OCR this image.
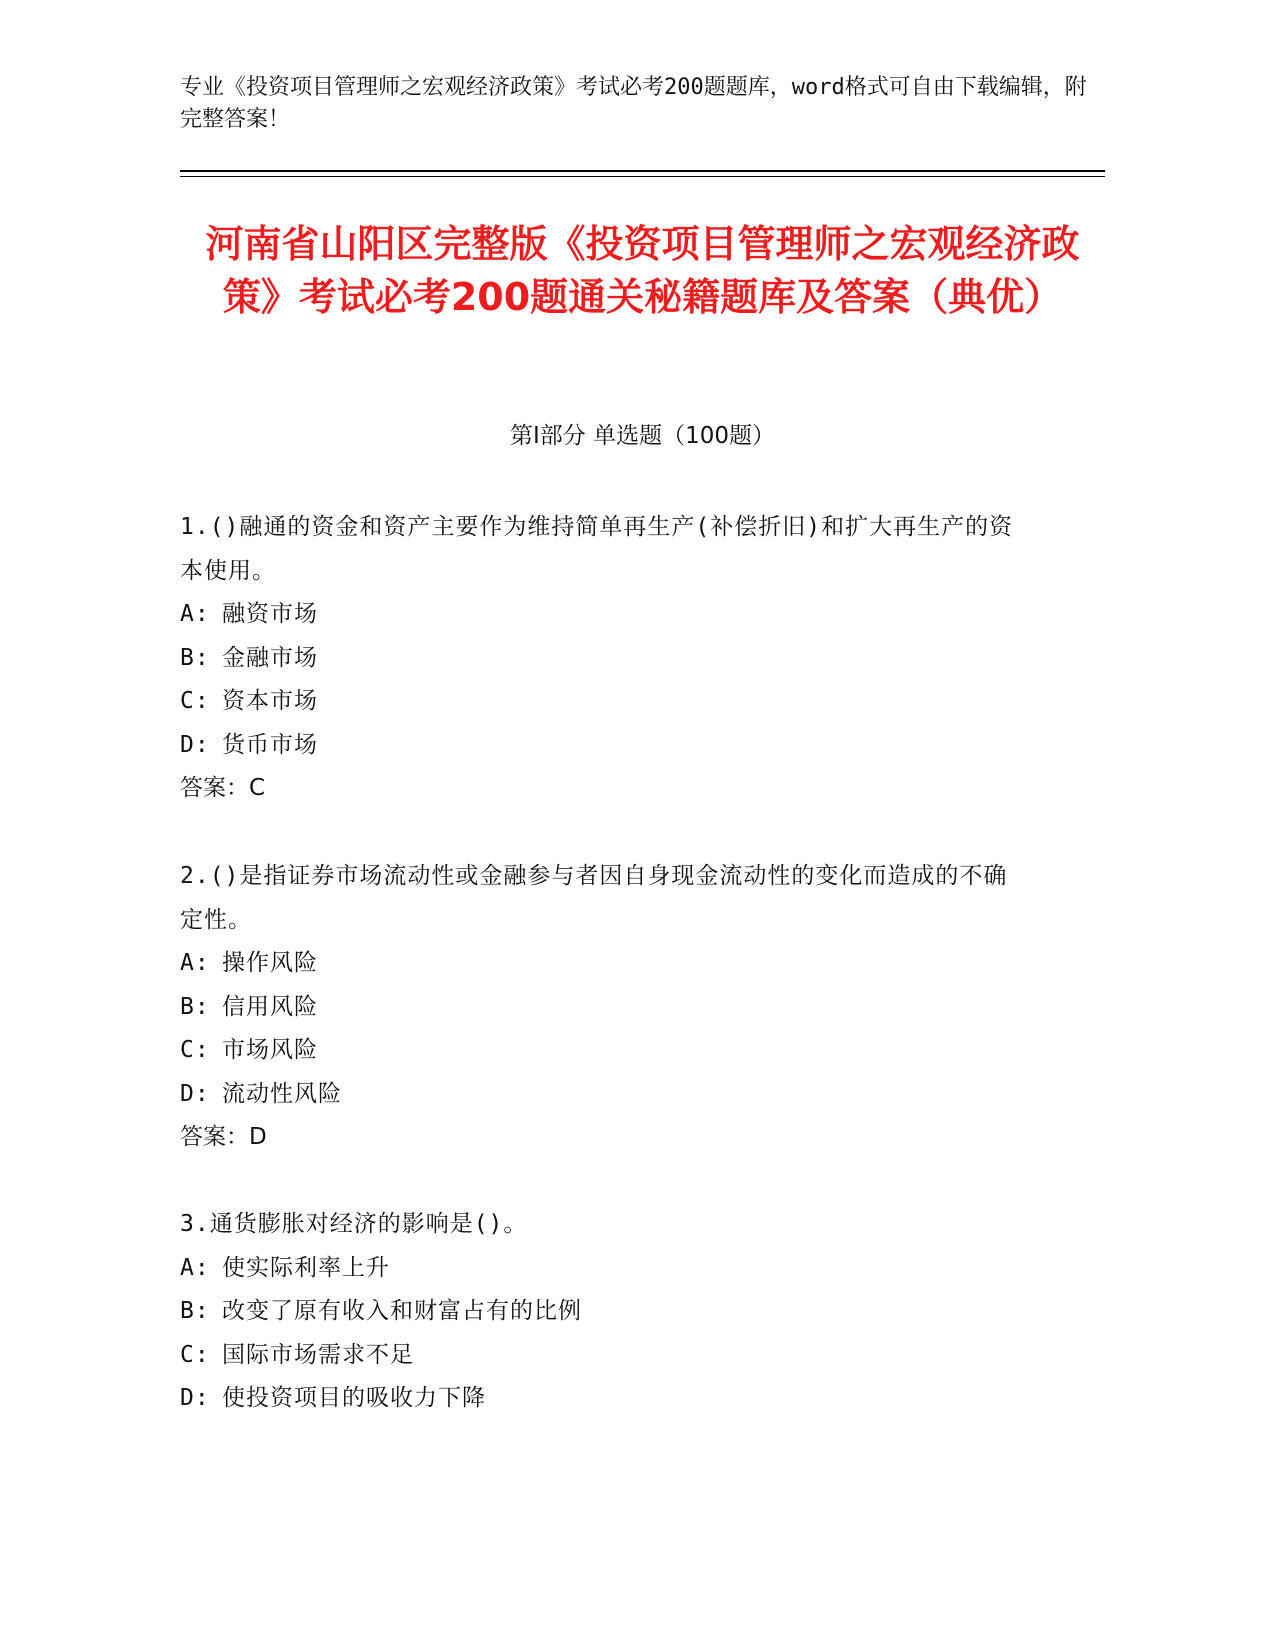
专业《投资项目管理师之宏观经济政策》考试必考200题题库，word格式可自由下载编辑，附完整答案！
河南省山阳区完整版《投资项目管理师之宏观经济政策》考试必考200题通关秘籍题库及答案（典优）
第Ⅰ部分 单选题（100题）

1.()融通的资金和资产主要作为维持简单再生产(补偿折旧)和扩大再生产的资本使用。

A: 融资市场

B: 金融市场

C: 资本市场

D: 货币市场

答案：C

2.()是指证券市场流动性或金融参与者因自身现金流动性的变化而造成的不确定性。

A: 操作风险

B: 信用风险

C: 市场风险

D: 流动性风险

答案：D

3.通货膨胀对经济的影响是()。

A: 使实际利率上升

B: 改变了原有收入和财富占有的比例

C: 国际市场需求不足

D: 使投资项目的吸收力下降
